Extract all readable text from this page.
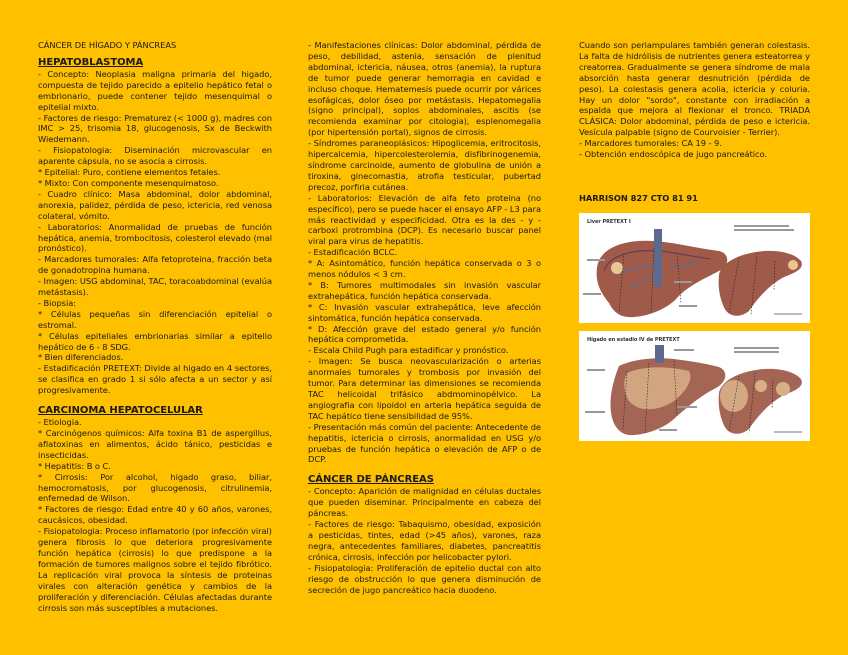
CÁNCER DE HÌGADO Y PÁNCREAS
HEPATOBLASTOMA

- Concepto: Neoplasia maligna primaria del higado, compuesta de tejido parecido a epitelio hepático fetal o embrionario, puede contener tejido mesenquimal o epitelial mixto.

- Factores de riesgo: Prematurez (< 1000 g), madres con IMC > 25, trisomia 18, glucogenosis, Sx de Beckwith Wiedemann.

- Fisiopatologia: Diseminación microvascular en aparente cápsula, no se asocia a cirrosis.

* Epitelial: Puro, contiene elementos fetales.

* Mixto: Con componente mesenquimatoso.

- Cuadro clínico: Masa abdominal, dolor abdominal, anorexia, palidez, pérdida de peso, ictericia, red venosa colateral, vómito.

- Laboratorios: Anormalidad de pruebas de función hepática, anemia, trombocitosis, colesterol elevado (mal pronóstico).

- Marcadores tumorales: Alfa fetoproteina, fracción beta de gonadotropina humana.

- Imagen: USG abdominal, TAC, toracoabdominal (evalúa metástasis).

- Biopsia:

* Células pequeñas sin diferenciación epitelial o estromal.

* Células epiteliales embrionarias similar a epitelio hepático de 6 - 8 SDG.

* Bien diferenciados.

- Estadificación PRETEXT: Divide al higado en 4 sectores, se clasifica en grado 1 si sólo afecta a un sector y así progresivamente.

CARCINOMA HEPATOCELULAR

- Etiologia.

* Carcinógenos químicos: Alfa toxina B1 de aspergillus, aflatoxinas en alimentos, ácido tánico, pesticidas e insecticidas.

* Hepatitis: B o C.

* Cirrosis: Por alcohol, higado graso, biliar, hemocromatosis, por glucogenosis, citrulinemia, enfemedad de Wilson.

* Factores de riesgo: Edad entre 40 y 60 años, varones, caucásicos, obesidad.

- Fisiopatologia: Proceso inflamatorio (por infección viral) genera fibrosis lo que deteriora progresivamente función hepática (cirrosis) lo que predispone a la formación de tumores malignos sobre el tejido fibrótico. La replicación viral provoca la síntesis de proteinas virales con alteración genética y cambios de la proliferación y diferenciación. Células afectadas durante cirrosis son más susceptibles a mutaciones.

- Manifestaciones clínicas: Dolor abdominal, pérdida de peso, debilidad, astenia, sensación de plenitud abdominal, ictericia, náusea, otros (anemia), la ruptura de tumor puede generar hemorragia en cavidad e incluso choque. Hematemesis puede ocurrir por várices esofágicas, dolor óseo por metástasis. Hepatomegalia (signo principal), soplos abdominales, ascitis (se recomienda examinar por citologia), esplenomegalia (por hipertensión portal), signos de cirrosis.

- Síndromes paraneoplásicos: Hipoglicemia, eritrocitosis, hipercalcemia, hipercolesterolemia, disfibrinogenemia, síndrome carcinoide, aumento de globulina de unión a tiroxina, ginecomastia, atrofia testicular, pubertad precoz, porfiria cutánea.

- Laboratorios: Elevación de alfa feto proteina (no específico), pero se puede hacer el ensayo AFP - L3 para más reactividad y especificidad. Otra es la des - y - carboxi protrombina (DCP). Es necesario buscar panel viral para virus de hepatitis.

- Estadificación BCLC.

* A: Asintomático, función hepática conservada o 3 o menos nódulos < 3 cm.

* B: Tumores multimodales sin invasión vascular extrahepática, función hepática conservada.

* C: Invasión vascular extrahepática, leve afección sintomática, función hepática conservada.

* D: Afección grave del estado general y/o función hepática comprometida.

- Escala Child Pugh para estadificar y pronóstico.

- Imagen: Se busca neovascularización o arterias anormales tumorales y trombosis por invasión del tumor. Para determinar las dimensiones se recomienda TAC helicoidal trifásico abdmominopélvico. La angiografia con lipoidol en arteria hepática seguida de TAC hepático tiene sensibilidad de 95%.

- Presentación más común del paciente: Antecedente de hepatitis, ictericia o cirrosis, anormalidad en USG y/o pruebas de función hepática o elevación de AFP o de DCP.

CÁNCER DE PÁNCREAS

- Concepto: Aparición de malignidad en células ductales que pueden diseminar. Principalmente en cabeza del páncreas.

- Factores de riesgo: Tabaquismo, obesidad, exposición a pesticidas, tintes, edad (>45 años), varones, raza negra, antecedentes familiares, diabetes, pancreatitis crónica, cirrosis, infección por helicobacter pylori.

- Fisiopatologia: Proliferación de epitelio ductal con alto riesgo de obstrucción lo que genera disminución de secreción de jugo pancreático hacia duodeno.

Cuando son periampulares también generan colestasis. La falta de hidrólisis de nutrientes genera esteatorrea y creatorrea. Gradualmente se genera síndrome de mala absorción hasta generar desnutrición (pérdida de peso). La colestasis genera acolia, ictericia y coluria. Hay un dolor "sordo", constante con irradiación a espalda que mejora al flexionar el tronco. TRIADA CLÁSICA: Dolor abdominal, pérdida de peso e ictericia. Vesícula palpable (signo de Courvoisier - Terrier).

- Marcadores tumorales: CA 19 - 9.

- Obtención endoscópica de jugo pancreático.

HARRISON 827 CTO 81 91
Liver PRETEXT I
Hígado en estadio IV de PRETEXT
